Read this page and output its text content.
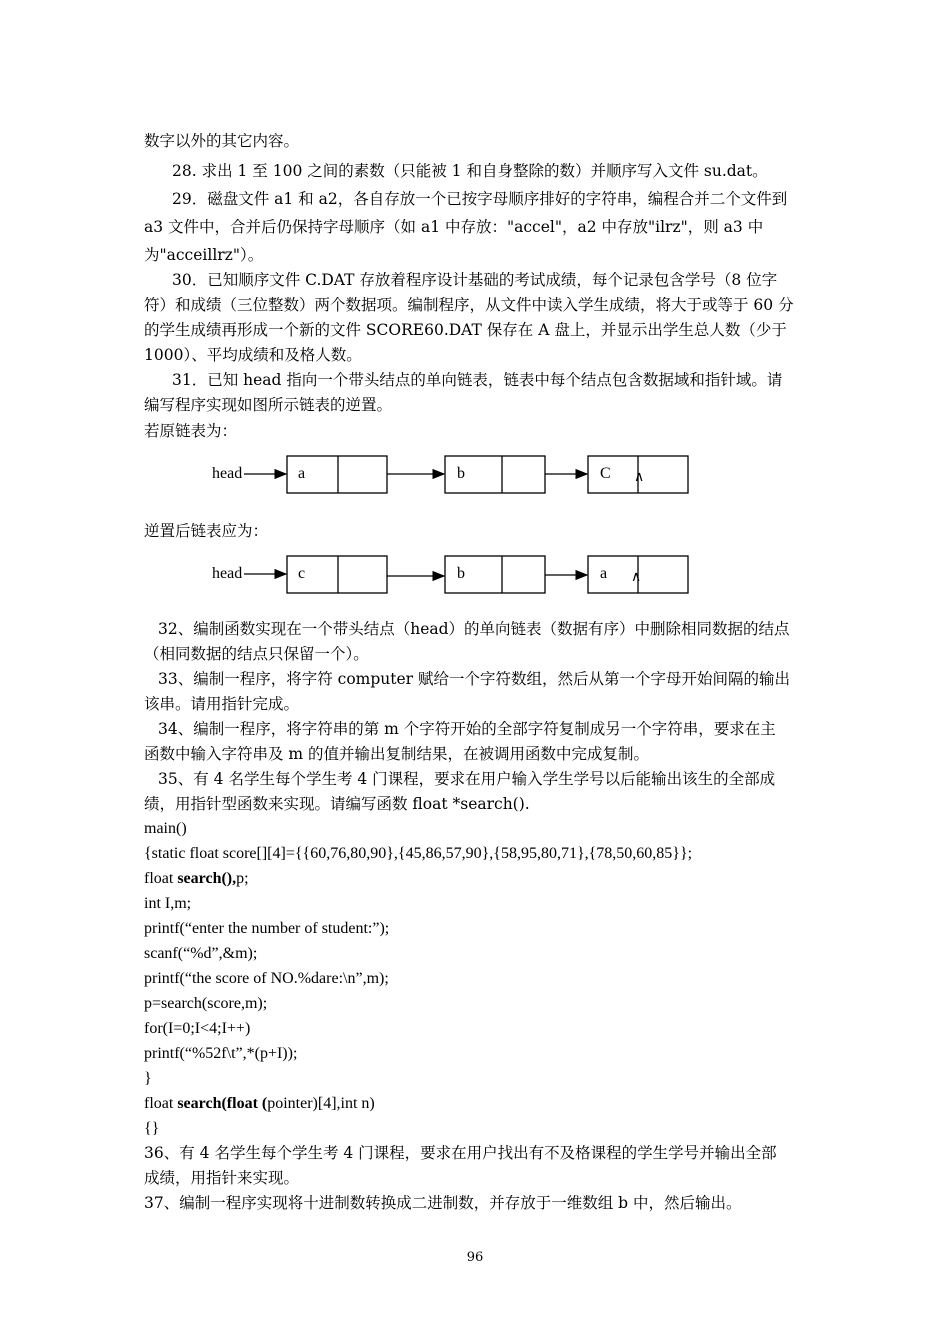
数字以外的其它内容。
28. 求出 1 至 100 之间的素数（只能被 1 和自身整除的数）并顺序写入文件 su.dat。
29．磁盘文件 a1 和 a2，各自存放一个已按字母顺序排好的字符串，编程合并二个文件到
a3 文件中，合并后仍保持字母顺序（如 a1 中存放："accel"，a2 中存放"ilrz"，则 a3 中
为"acceillrz"）。
30．已知顺序文件 C.DAT 存放着程序设计基础的考试成绩，每个记录包含学号（8 位字
符）和成绩（三位整数）两个数据项。编制程序，从文件中读入学生成绩，将大于或等于 60 分
的学生成绩再形成一个新的文件 SCORE60.DAT 保存在 A 盘上，并显示出学生总人数（少于
1000）、平均成绩和及格人数。
31．已知 head 指向一个带头结点的单向链表，链表中每个结点包含数据域和指针域。请
编写程序实现如图所示链表的逆置。
若原链表为：
head	a	b	C ∧
head	c	b	a ∧
逆置后链表应为：
32、编制函数实现在一个带头结点（head）的单向链表（数据有序）中删除相同数据的结点
（相同数据的结点只保留一个）。
33、编制一程序，将字符 computer 赋给一个字符数组，然后从第一个字母开始间隔的输出
该串。请用指针完成。
34、编制一程序，将字符串的第 m 个字符开始的全部字符复制成另一个字符串，要求在主
函数中输入字符串及 m 的值并输出复制结果，在被调用函数中完成复制。
35、有 4 名学生每个学生考 4 门课程，要求在用户输入学生学号以后能输出该生的全部成
绩，用指针型函数来实现。请编写函数 float *search().
main()
{static float score[][4]={{60,76,80,90},{45,86,57,90},{58,95,80,71},{78,50,60,85}};
float search(),p;
int I,m;
printf(“enter the number of student:”);
scanf(“%d”,&m);
printf(“the score of NO.%dare:\n”,m);
p=search(score,m);
for(I=0;I<4;I++)
printf(“%52f\t”,*(p+I));
}
float search(float (pointer)[4],int n)
{}
36、有 4 名学生每个学生考 4 门课程，要求在用户找出有不及格课程的学生学号并输出全部
成绩，用指针来实现。
37、编制一程序实现将十进制数转换成二进制数，并存放于一维数组 b 中，然后输出。
96
